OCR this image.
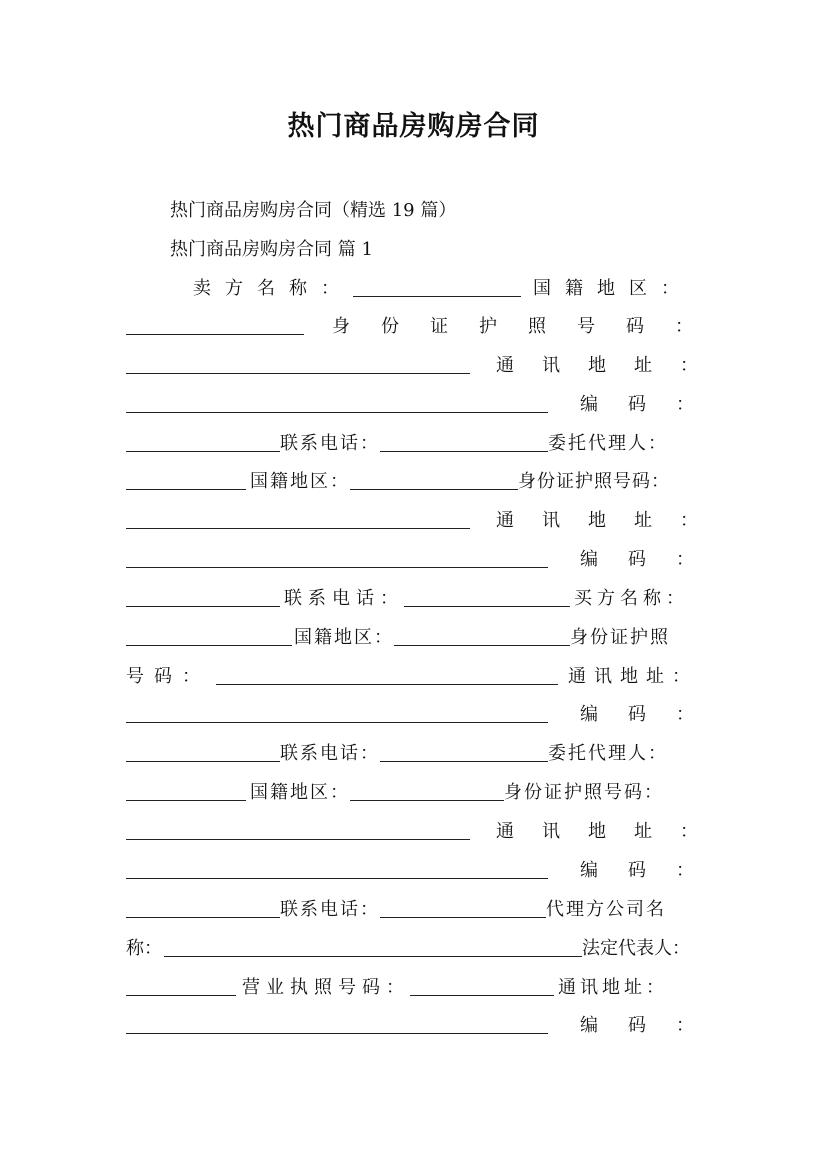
热门商品房购房合同
热门商品房购房合同（精选 19 篇）
热门商品房购房合同 篇 1
卖方名称：	国籍地区：
身份证护照号码：
通讯地址：
编码：
联系电话：	委托代理人：
国籍地区：	身份证护照号码：
通讯地址：
编码：
联系电话：	买方名称：
国籍地区：	身份证护照
号码：	通讯地址：
编码：
联系电话：	委托代理人：
国籍地区：	身份证护照号码：
通讯地址：
编码：
联系电话：	代理方公司名
称：	法定代表人：
营业执照号码：	通讯地址：
编码：
